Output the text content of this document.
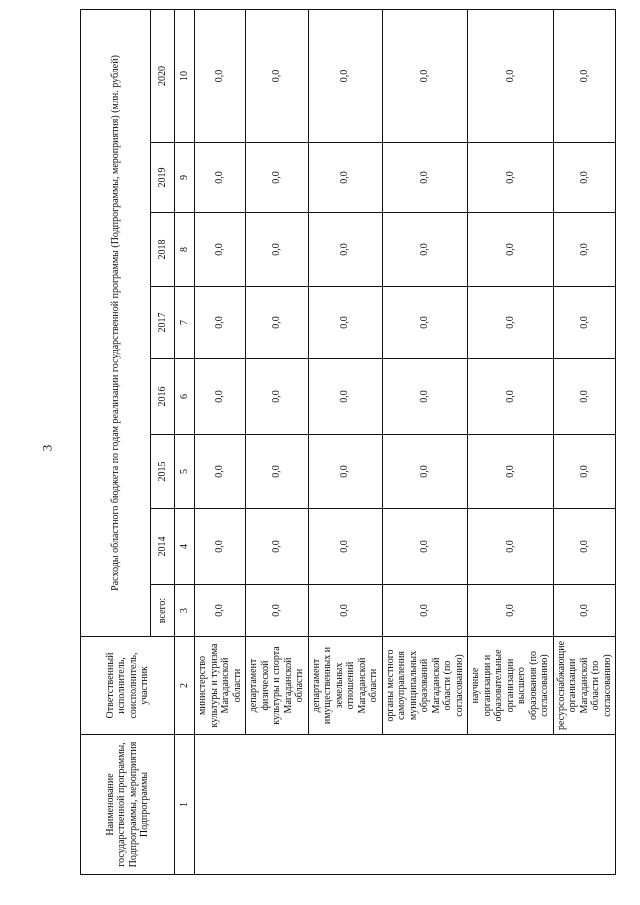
3
Наименование государственной программы, Подпрограммы, мероприятия Подпрограммы	Ответственный исполнитель, соисполнитель, участник	Расходы областного бюджета по годам реализации государственной программы (Подпрограммы, мероприятия) (млн. рублей)							
		всего:	2014	2015	2016	2017	2018	2019	2020
1	2	3	4	5	6	7	8	9	10
	министерство культуры и туризма Магаданской области	0,0	0,0	0,0	0,0	0,0	0,0	0,0	0,0
	департамент физической культуры и спорта Магаданской области	0,0	0,0	0,0	0,0	0,0	0,0	0,0	0,0
	департамент имущественных и земельных отношений Магаданской области	0,0	0,0	0,0	0,0	0,0	0,0	0,0	0,0
	органы местного самоуправления муниципальных образований Магаданской области (по согласованию)	0,0	0,0	0,0	0,0	0,0	0,0	0,0	0,0
	научные организации и образовательные организации высшего образования (по согласованию)	0,0	0,0	0,0	0,0	0,0	0,0	0,0	0,0
	ресурсоснабжающие организации Магаданской области (по согласованию)	0,0	0,0	0,0	0,0	0,0	0,0	0,0	0,0
